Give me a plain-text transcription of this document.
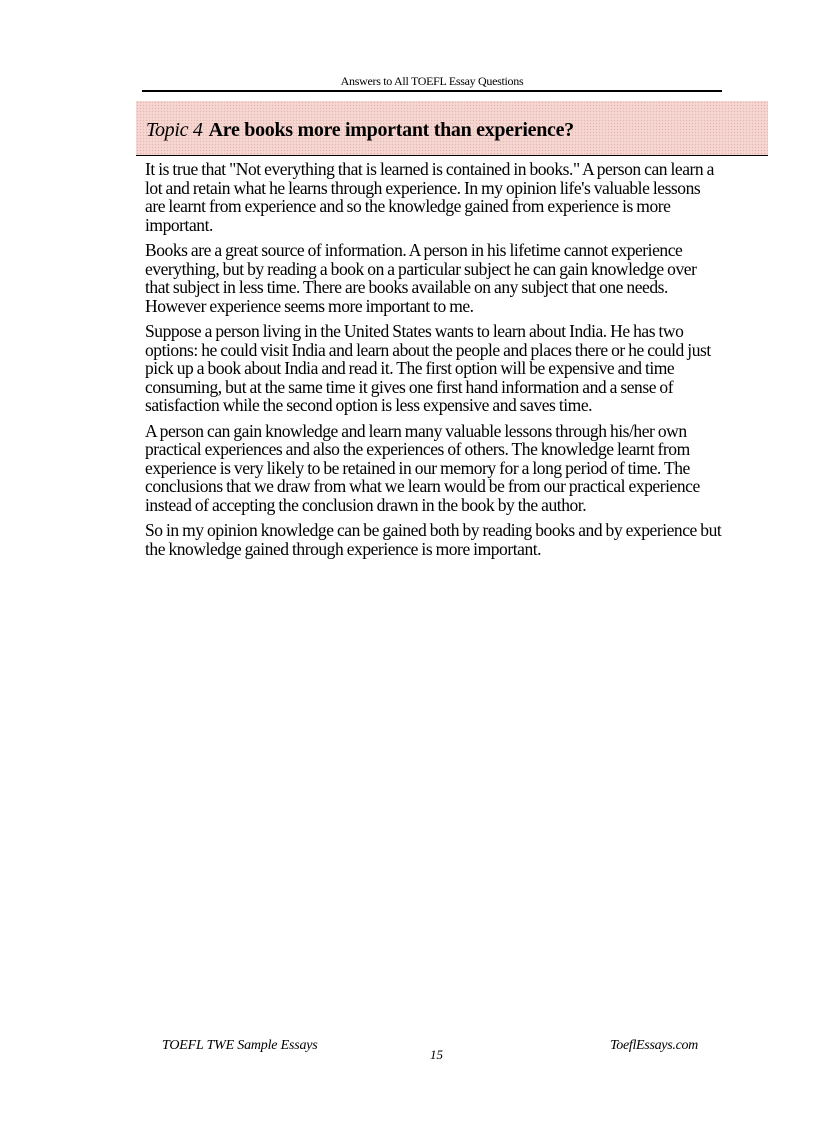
Answers to All TOEFL Essay Questions
Topic 4 Are books more important than experience?

It is true that "Not everything that is learned is contained in books." A person can learn a lot and retain what he learns through experience. In my opinion life's valuable lessons are learnt from experience and so the knowledge gained from experience is more important.

Books are a great source of information. A person in his lifetime cannot experience everything, but by reading a book on a particular subject he can gain knowledge over that subject in less time. There are books available on any subject that one needs. However experience seems more important to me.

Suppose a person living in the United States wants to learn about India. He has two options: he could visit India and learn about the people and places there or he could just pick up a book about India and read it. The first option will be expensive and time consuming, but at the same time it gives one first hand information and a sense of satisfaction while the second option is less expensive and saves time.

A person can gain knowledge and learn many valuable lessons through his/her own practical experiences and also the experiences of others. The knowledge learnt from experience is very likely to be retained in our memory for a long period of time. The conclusions that we draw from what we learn would be from our practical experience instead of accepting the conclusion drawn in the book by the author.

So in my opinion knowledge can be gained both by reading books and by experience but the knowledge gained through experience is more important.

TOEFL TWE Sample Essays
15
ToeflEssays.com
